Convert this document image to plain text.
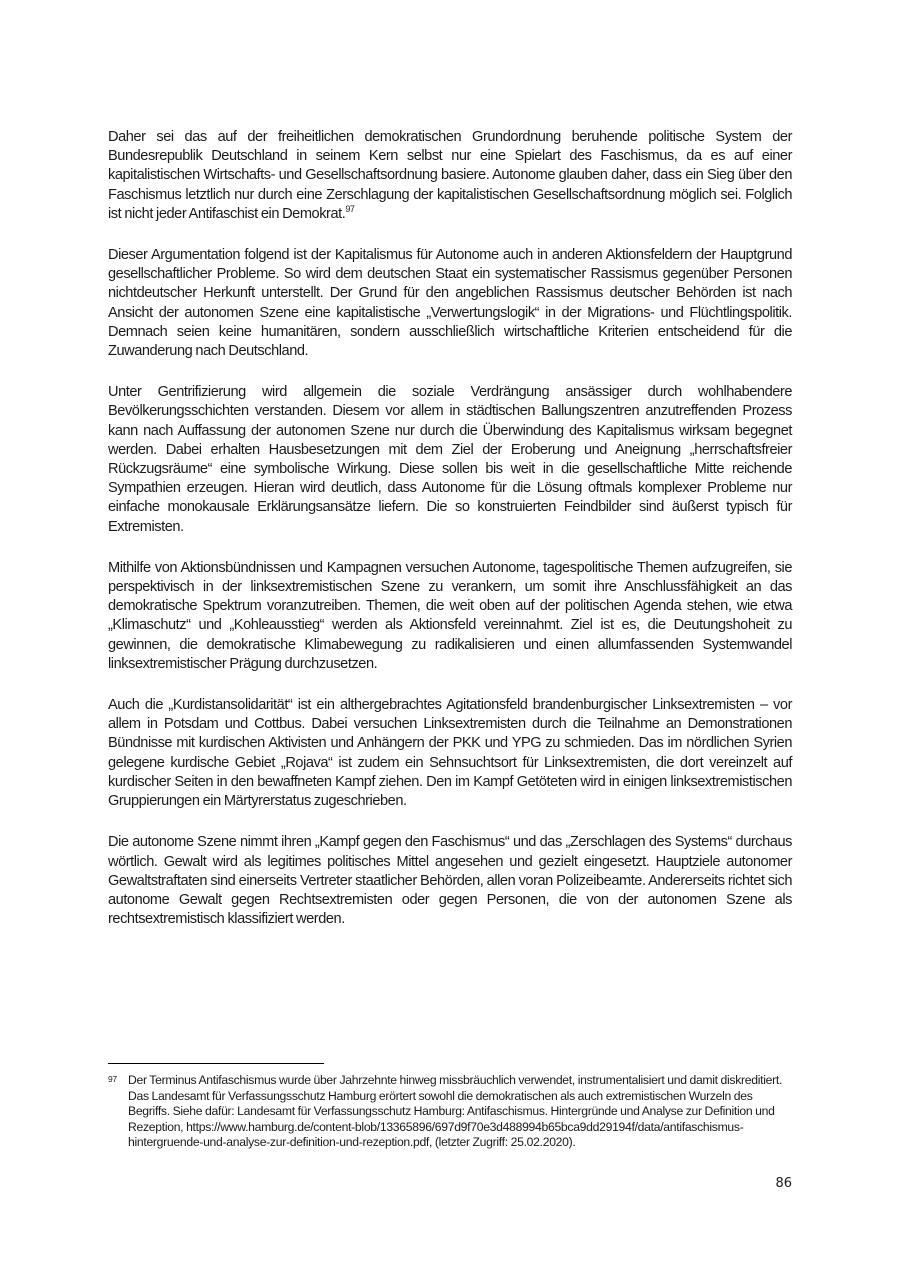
Daher sei das auf der freiheitlichen demokratischen Grundordnung beruhende politische System der Bundesrepublik Deutschland in seinem Kern selbst nur eine Spielart des Faschismus, da es auf einer kapitalistischen Wirtschafts- und Gesellschaftsordnung basiere. Autonome glauben daher, dass ein Sieg über den Faschismus letztlich nur durch eine Zerschlagung der kapitalistischen Gesellschaftsordnung möglich sei. Folglich ist nicht jeder Antifaschist ein Demokrat.$^{97}$

Dieser Argumentation folgend ist der Kapitalismus für Autonome auch in anderen Aktionsfeldern der Hauptgrund gesellschaftlicher Probleme. So wird dem deutschen Staat ein systematischer Rassismus gegenüber Personen nichtdeutscher Herkunft unterstellt. Der Grund für den angeblichen Rassismus deutscher Behörden ist nach Ansicht der autonomen Szene eine kapitalistische „Verwertungslogik“ in der Migrations- und Flüchtlingspolitik. Demnach seien keine humanitären, sondern ausschließlich wirtschaftliche Kriterien entscheidend für die Zuwanderung nach Deutschland.

Unter Gentrifizierung wird allgemein die soziale Verdrängung ansässiger durch wohlhabendere Bevölkerungsschichten verstanden. Diesem vor allem in städtischen Ballungszentren anzutreffenden Prozess kann nach Auffassung der autonomen Szene nur durch die Überwindung des Kapitalismus wirksam begegnet werden. Dabei erhalten Hausbesetzungen mit dem Ziel der Eroberung und Aneignung „herrschaftsfreier Rückzugsräume“ eine symbolische Wirkung. Diese sollen bis weit in die gesellschaftliche Mitte reichende Sympathien erzeugen. Hieran wird deutlich, dass Autonome für die Lösung oftmals komplexer Probleme nur einfache monokausale Erklärungsansätze liefern. Die so konstruierten Feindbilder sind äußerst typisch für Extremisten.

Mithilfe von Aktionsbündnissen und Kampagnen versuchen Autonome, tagespolitische Themen aufzugreifen, sie perspektivisch in der linksextremistischen Szene zu verankern, um somit ihre Anschlussfähigkeit an das demokratische Spektrum voranzutreiben. Themen, die weit oben auf der politischen Agenda stehen, wie etwa „Klimaschutz“ und „Kohleausstieg“ werden als Aktionsfeld vereinnahmt. Ziel ist es, die Deutungshoheit zu gewinnen, die demokratische Klimabewegung zu radikalisieren und einen allumfassenden Systemwandel linksextremistischer Prägung durchzusetzen.

Auch die „Kurdistansolidarität“ ist ein althergebrachtes Agitationsfeld brandenburgischer Linksextremisten – vor allem in Potsdam und Cottbus. Dabei versuchen Linksextremisten durch die Teilnahme an Demonstrationen Bündnisse mit kurdischen Aktivisten und Anhängern der PKK und YPG zu schmieden. Das im nördlichen Syrien gelegene kurdische Gebiet „Rojava“ ist zudem ein Sehnsuchtsort für Linksextremisten, die dort vereinzelt auf kurdischer Seiten in den bewaffneten Kampf ziehen. Den im Kampf Getöteten wird in einigen linksextremistischen Gruppierungen ein Märtyrerstatus zugeschrieben.

Die autonome Szene nimmt ihren „Kampf gegen den Faschismus“ und das „Zerschlagen des Systems“ durchaus wörtlich. Gewalt wird als legitimes politisches Mittel angesehen und gezielt eingesetzt. Hauptziele autonomer Gewaltstraftaten sind einerseits Vertreter staatlicher Behörden, allen voran Polizeibeamte. Andererseits richtet sich autonome Gewalt gegen Rechtsextremisten oder gegen Personen, die von der autonomen Szene als rechtsextremistisch klassifiziert werden.

97 Der Terminus Antifaschismus wurde über Jahrzehnte hinweg missbräuchlich verwendet, instrumentalisiert und damit diskreditiert. Das Landesamt für Verfassungsschutz Hamburg erörtert sowohl die demokratischen als auch extremistischen Wurzeln des Begriffs. Siehe dafür: Landesamt für Verfassungsschutz Hamburg: Antifaschismus. Hintergründe und Analyse zur Definition und Rezeption, https://www.hamburg.de/content-blob/13365896/697d9f70e3d488994b65bca9dd29194f/data/antifaschismus-hintergruende-und-analyse-zur-definition-und-rezeption.pdf, (letzter Zugriff: 25.02.2020).
86
